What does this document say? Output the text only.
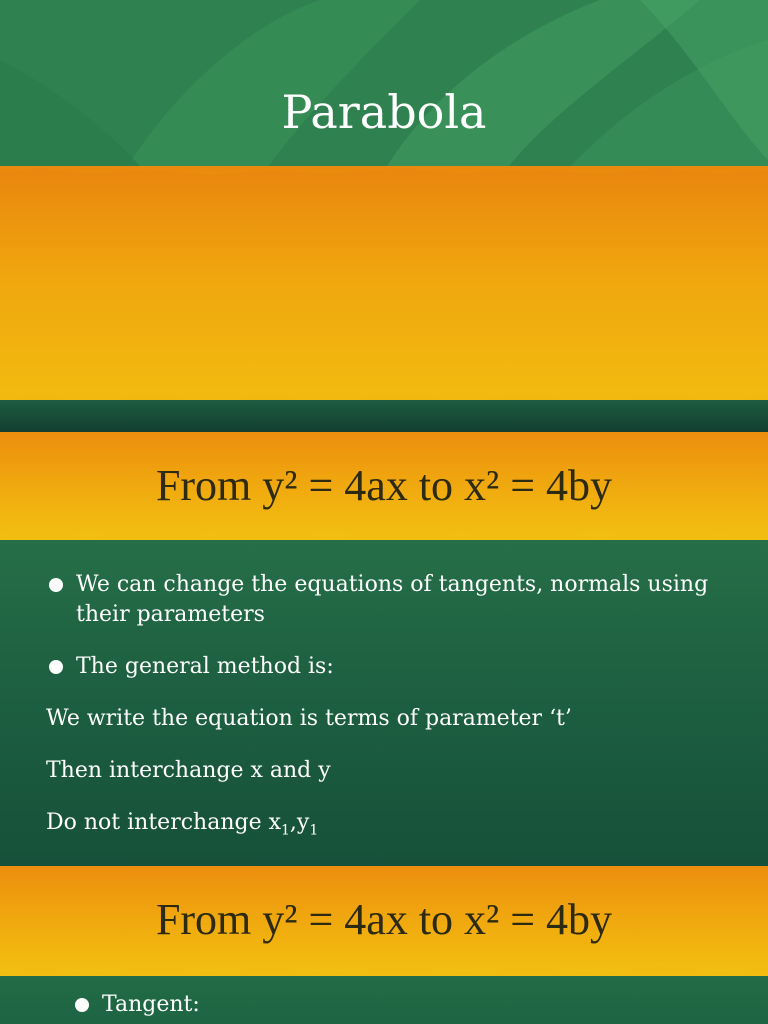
Parabola
From y² = 4ax to x² = 4by
We can change the equations of tangents, normals using their parameters
The general method is:
We write the equation is terms of parameter ‘t’
Then interchange x and y
Do not interchange $x_1,y_1$
From y² = 4ax to x² = 4by
Tangent:
